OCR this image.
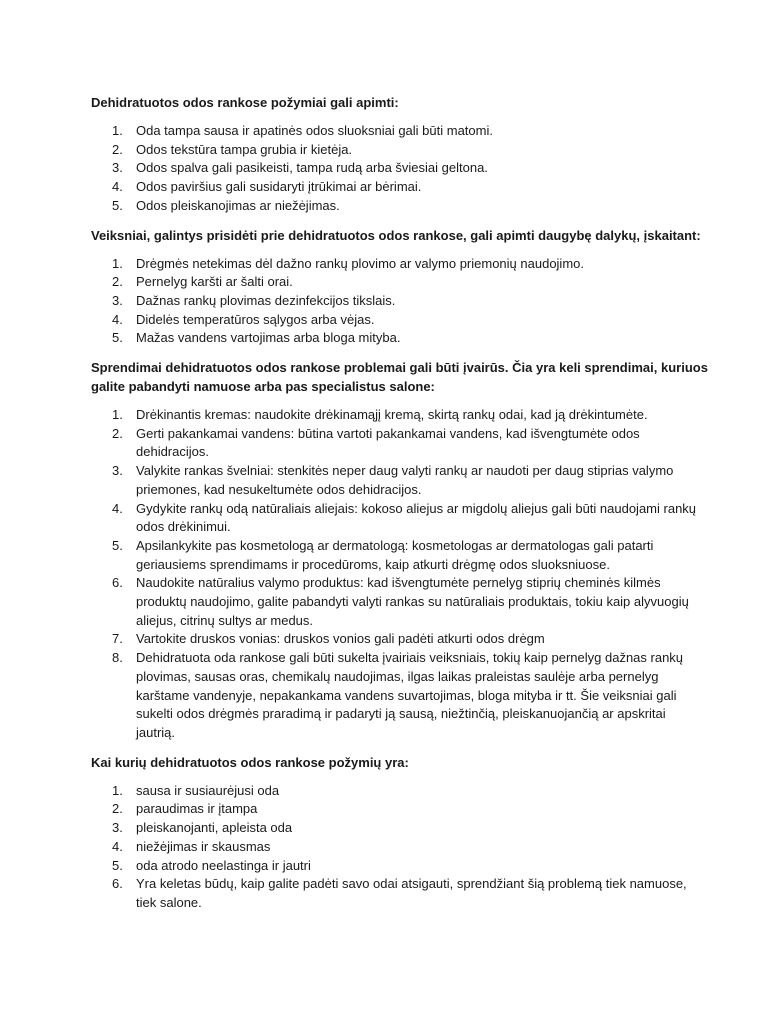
Dehidratuotos odos rankose požymiai gali apimti:

1. Oda tampa sausa ir apatinės odos sluoksniai gali būti matomi.
2. Odos tekstūra tampa grubia ir kietėja.
3. Odos spalva gali pasikeisti, tampa rudą arba šviesiai geltona.
4. Odos paviršius gali susidaryti įtrūkimai ar bėrimai.
5. Odos pleiskanojimas ar niežėjimas.

Veiksniai, galintys prisidėti prie dehidratuotos odos rankose, gali apimti daugybę dalykų, įskaitant:

1. Drėgmės netekimas dėl dažno rankų plovimo ar valymo priemonių naudojimo.
2. Pernelyg karšti ar šalti orai.
3. Dažnas rankų plovimas dezinfekcijos tikslais.
4. Didelės temperatūros sąlygos arba vėjas.
5. Mažas vandens vartojimas arba bloga mityba.

Sprendimai dehidratuotos odos rankose problemai gali būti įvairūs. Čia yra keli sprendimai, kuriuos galite pabandyti namuose arba pas specialistus salone:

1. Drėkinantis kremas: naudokite drėkinamąjį kremą, skirtą rankų odai, kad ją drėkintumėte.
2. Gerti pakankamai vandens: būtina vartoti pakankamai vandens, kad išvengtumėte odos dehidracijos.
3. Valykite rankas švelniai: stenkitės neper daug valyti rankų ar naudoti per daug stiprias valymo priemones, kad nesukeltumėte odos dehidracijos.
4. Gydykite rankų odą natūraliais aliejais: kokoso aliejus ar migdolų aliejus gali būti naudojami rankų odos drėkinimui.
5. Apsilankykite pas kosmetologą ar dermatologą: kosmetologas ar dermatologas gali patarti geriausiems sprendimams ir procedūroms, kaip atkurti drėgmę odos sluoksniuose.
6. Naudokite natūralius valymo produktus: kad išvengtumėte pernelyg stiprių cheminės kilmės produktų naudojimo, galite pabandyti valyti rankas su natūraliais produktais, tokiu kaip alyvuogių aliejus, citrinų sultys ar medus.
7. Vartokite druskos vonias: druskos vonios gali padėti atkurti odos drėgm
8. Dehidratuota oda rankose gali būti sukelta įvairiais veiksniais, tokių kaip pernelyg dažnas rankų plovimas, sausas oras, chemikalų naudojimas, ilgas laikas praleistas saulėje arba pernelyg karštame vandenyje, nepakankama vandens suvartojimas, bloga mityba ir tt. Šie veiksniai gali sukelti odos drėgmės praradimą ir padaryti ją sausą, niežtinčią, pleiskanuojančią ar apskritai jautrią.

Kai kurių dehidratuotos odos rankose požymių yra:

1. sausa ir susiaurėjusi oda
2. paraudimas ir įtampa
3. pleiskanojanti, apleista oda
4. niežėjimas ir skausmas
5. oda atrodo neelastinga ir jautri
6. Yra keletas būdų, kaip galite padėti savo odai atsigauti, sprendžiant šią problemą tiek namuose, tiek salone.
